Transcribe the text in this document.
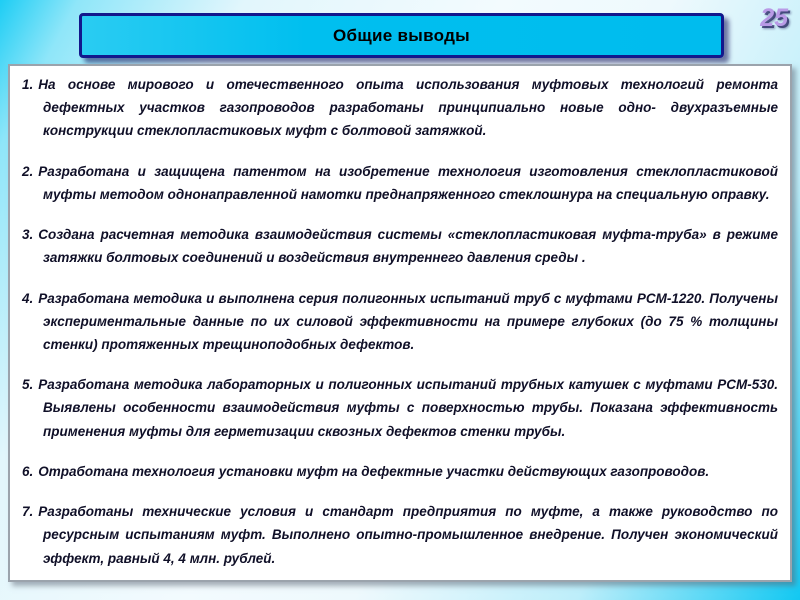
25
Общие выводы

1. На основе мирового и отечественного опыта использования муфтовых технологий ремонта дефектных участков газопроводов разработаны принципиально новые одно- двухразъемные конструкции стеклопластиковых муфт с болтовой затяжкой.

2. Разработана и защищена патентом на изобретение технология изготовления стеклопластиковой муфты методом однонаправленной намотки преднапряженного стеклошнура на специальную оправку.

3. Создана расчетная методика взаимодействия системы «стеклопластиковая муфта-труба» в режиме затяжки болтовых соединений и воздействия внутреннего давления среды .

4. Разработана методика и выполнена серия полигонных испытаний труб с муфтами РСМ-1220. Получены экспериментальные данные по их силовой эффективности на примере глубоких (до 75 % толщины стенки) протяженных трещиноподобных дефектов.

5. Разработана методика лабораторных и полигонных испытаний трубных катушек с муфтами РСМ-530. Выявлены особенности взаимодействия муфты с поверхностью трубы. Показана эффективность применения муфты для герметизации сквозных дефектов стенки трубы.

6. Отработана технология установки муфт на дефектные участки действующих газопроводов.

7. Разработаны технические условия и стандарт предприятия по муфте, а также руководство по ресурсным испытаниям муфт. Выполнено опытно-промышленное внедрение. Получен экономический эффект, равный 4, 4 млн. рублей.
